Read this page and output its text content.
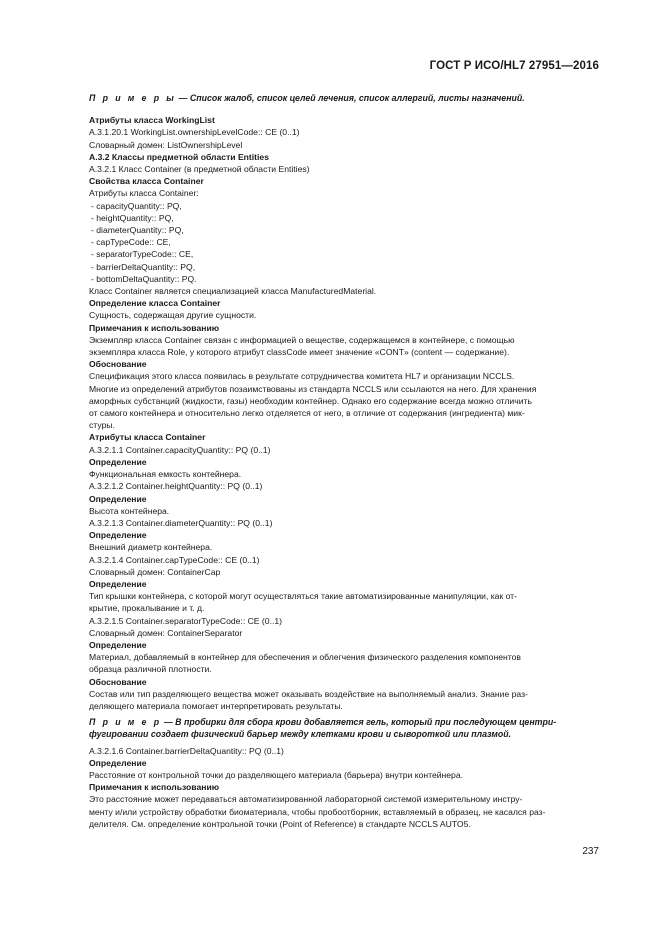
ГОСТ Р ИСО/HL7 27951—2016

П р и м е р ы — Список жалоб, список целей лечения, список аллергий, листы назначений.

Атрибуты класса WorkingList

A.3.1.20.1 WorkingList.ownershipLevelCode:: CE (0..1)

Словарный домен: ListOwnershipLevel

A.3.2 Классы предметной области Entities

A.3.2.1 Класс Container (в предметной области Entities)

Свойства класса Container

Атрибуты класса Container:

- capacityQuantity:: PQ,

- heightQuantity:: PQ,

- diameterQuantity:: PQ,

- capTypeCode:: CE,

- separatorTypeCode:: CE,

- barrierDeltaQuantity:: PQ,

- bottomDeltaQuantity:: PQ.

Класс Container является специализацией класса ManufacturedMaterial.

Определение класса Container

Сущность, содержащая другие сущности.

Примечания к использованию

Экземпляр класса Container связан с информацией о веществе, содержащемся в контейнере, с помощью

экземпляра класса Role, у которого атрибут classCode имеет значение «CONT» (content — содержание).

Обоснование

Спецификация этого класса появилась в результате сотрудничества комитета HL7 и организации NCCLS.

Многие из определений атрибутов позаимствованы из стандарта NCCLS или ссылаются на него. Для хранения

аморфных субстанций (жидкости, газы) необходим контейнер. Однако его содержание всегда можно отличить

от самого контейнера и относительно легко отделяется от него, в отличие от содержания (ингредиента) мик-

стуры.

Атрибуты класса Container

A.3.2.1.1 Container.capacityQuantity:: PQ (0..1)

Определение

Функциональная емкость контейнера.

A.3.2.1.2 Container.heightQuantity:: PQ (0..1)

Определение

Высота контейнера.

A.3.2.1.3 Container.diameterQuantity:: PQ (0..1)

Определение

Внешний диаметр контейнера.

A.3.2.1.4 Container.capTypeCode:: CE (0..1)

Словарный домен: ContainerCap

Определение

Тип крышки контейнера, с которой могут осуществляться такие автоматизированные манипуляции, как от-

крытие, прокалывание и т. д.

A.3.2.1.5 Container.separatorTypeCode:: CE (0..1)

Словарный домен: ContainerSeparator

Определение

Материал, добавляемый в контейнер для обеспечения и облегчения физического разделения компонентов

образца различной плотности.

Обоснование

Состав или тип разделяющего вещества может оказывать воздействие на выполняемый анализ. Знание раз-

деляющего материала помогает интерпретировать результаты.

П р и м е р — В пробирки для сбора крови добавляется гель, который при последующем центри-

фугировании создает физический барьер между клетками крови и сывороткой или плазмой.

A.3.2.1.6 Container.barrierDeltaQuantity:: PQ (0..1)

Определение

Расстояние от контрольной точки до разделяющего материала (барьера) внутри контейнера.

Примечания к использованию

Это расстояние может передаваться автоматизированной лабораторной системой измерительному инстру-

менту и/или устройству обработки биоматериала, чтобы пробоотборник, вставляемый в образец, не касался раз-

делителя. См. определение контрольной точки (Point of Reference) в стандарте NCCLS AUTO5.

237
